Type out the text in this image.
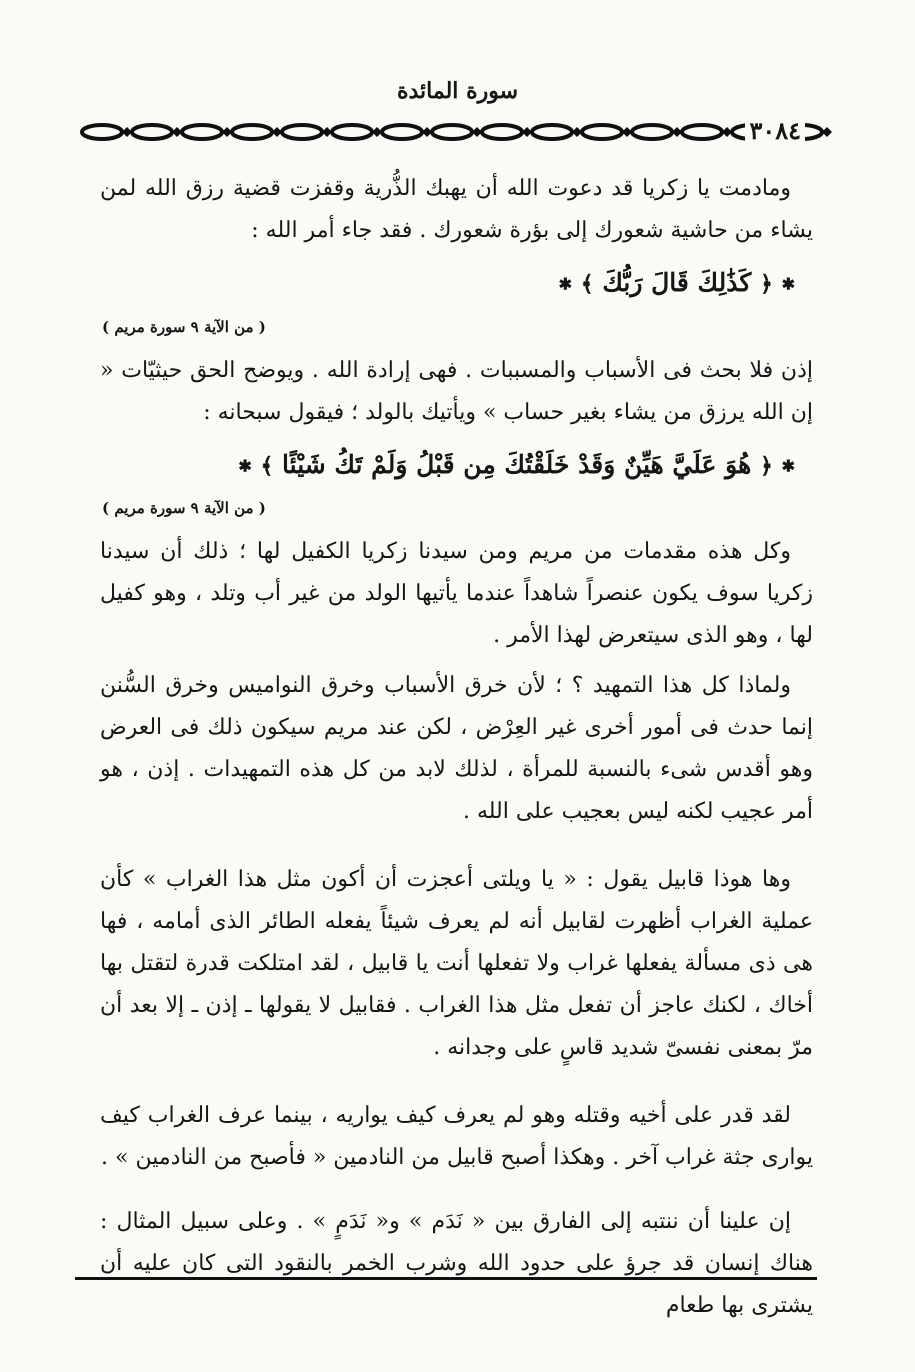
سورة المائدة
٣٠٨٤

ومادمت يا زكريا قد دعوت الله أن يهبك الذُّرية وقفزت قضية رزق الله لمن يشاء من حاشية شعورك إلى بؤرة شعورك . فقد جاء أمر الله :

✱ ﴿ كَذَٰلِكَ قَالَ رَبُّكَ ﴾ ✱
( من الآية ٩ سورة مريم )

إذن فلا بحث فى الأسباب والمسببات . فهى إرادة الله . ويوضح الحق حيثيّات « إن الله يرزق من يشاء بغير حساب » ويأتيك بالولد ؛ فيقول سبحانه :

✱ ﴿ هُوَ عَلَيَّ هَيِّنٌ وَقَدْ خَلَقْتُكَ مِن قَبْلُ وَلَمْ تَكُ شَيْئًا ﴾ ✱
( من الآية ٩ سورة مريم )

وكل هذه مقدمات من مريم ومن سيدنا زكريا الكفيل لها ؛ ذلك أن سيدنا زكريا سوف يكون عنصراً شاهداً عندما يأتيها الولد من غير أب وتلد ، وهو كفيل لها ، وهو الذى سيتعرض لهذا الأمر .

ولماذا كل هذا التمهيد ؟ ؛ لأن خرق الأسباب وخرق النواميس وخرق السُّنن إنما حدث فى أمور أخرى غير العِرْض ، لكن عند مريم سيكون ذلك فى العرض وهو أقدس شىء بالنسبة للمرأة ، لذلك لابد من كل هذه التمهيدات . إذن ، هو أمر عجيب لكنه ليس بعجيب على الله .

وها هوذا قابيل يقول : « يا ويلتى أعجزت أن أكون مثل هذا الغراب » كأن عملية الغراب أظهرت لقابيل أنه لم يعرف شيئاً يفعله الطائر الذى أمامه ، فها هى ذى مسألة يفعلها غراب ولا تفعلها أنت يا قابيل ، لقد امتلكت قدرة لتقتل بها أخاك ، لكنك عاجز أن تفعل مثل هذا الغراب . فقابيل لا يقولها ـ إذن ـ إلا بعد أن مرّ بمعنى نفسىّ شديد قاسٍ على وجدانه .

لقد قدر على أخيه وقتله وهو لم يعرف كيف يواريه ، بينما عرف الغراب كيف يوارى جثة غراب آخر . وهكذا أصبح قابيل من النادمين « فأصبح من النادمين » .

إن علينا أن ننتبه إلى الفارق بين « نَدَم » و« نَدَمٍ » . وعلى سبيل المثال : هناك إنسان قد جرؤ على حدود الله وشرب الخمر بالنقود التى كان عليه أن يشترى بها طعام
